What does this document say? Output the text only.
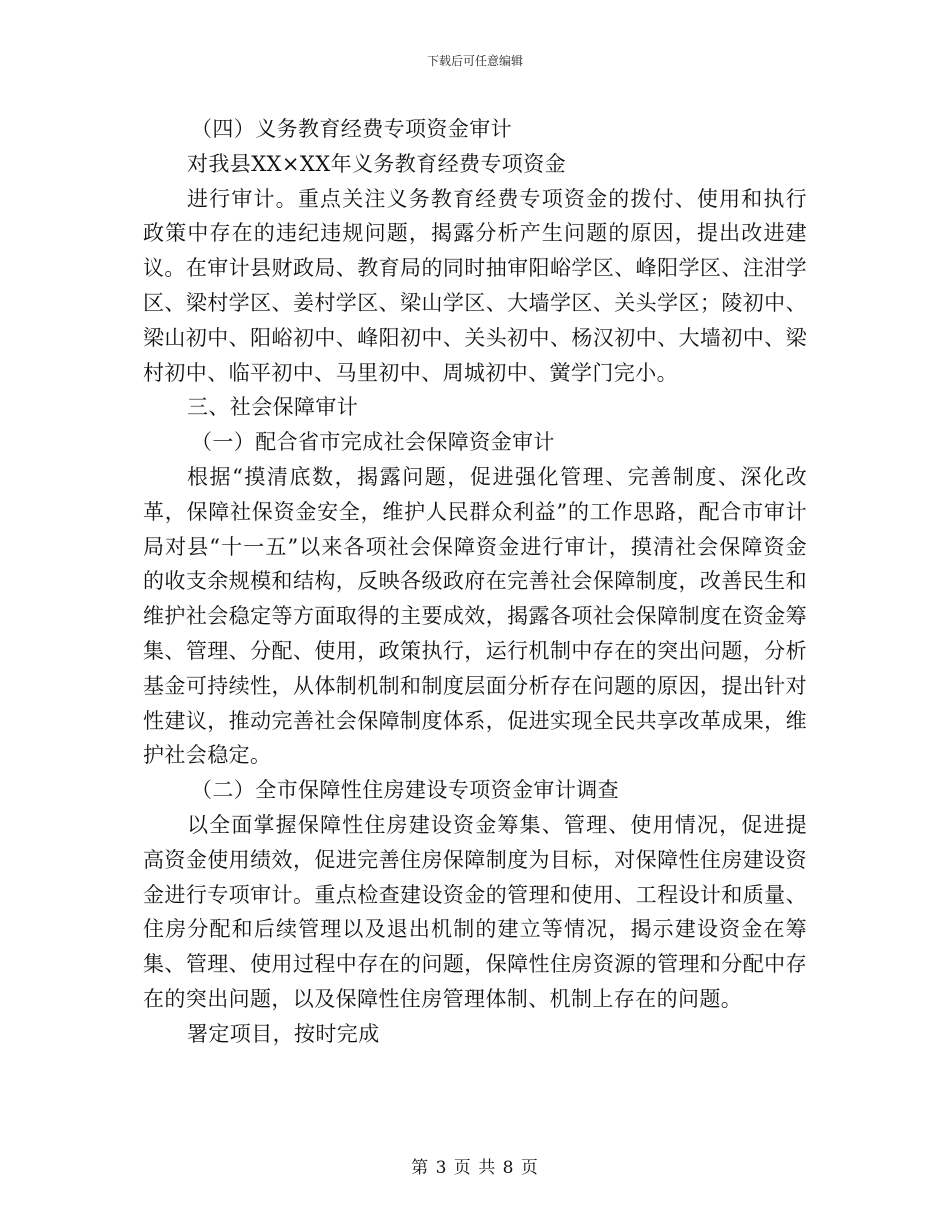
下载后可任意编辑

（四）义务教育经费专项资金审计

对我县XX×XX年义务教育经费专项资金

进行审计。重点关注义务教育经费专项资金的拨付、使用和执行政策中存在的违纪违规问题，揭露分析产生问题的原因，提出改进建议。在审计县财政局、教育局的同时抽审阳峪学区、峰阳学区、注泔学区、梁村学区、姜村学区、梁山学区、大墙学区、关头学区；陵初中、梁山初中、阳峪初中、峰阳初中、关头初中、杨汉初中、大墙初中、梁村初中、临平初中、马里初中、周城初中、黉学门完小。

三、社会保障审计

（一）配合省市完成社会保障资金审计

根据“摸清底数，揭露问题，促进强化管理、完善制度、深化改革，保障社保资金安全，维护人民群众利益”的工作思路，配合市审计局对县“十一五”以来各项社会保障资金进行审计，摸清社会保障资金的收支余规模和结构，反映各级政府在完善社会保障制度，改善民生和维护社会稳定等方面取得的主要成效，揭露各项社会保障制度在资金筹集、管理、分配、使用，政策执行，运行机制中存在的突出问题，分析基金可持续性，从体制机制和制度层面分析存在问题的原因，提出针对性建议，推动完善社会保障制度体系，促进实现全民共享改革成果，维护社会稳定。

（二）全市保障性住房建设专项资金审计调查

以全面掌握保障性住房建设资金筹集、管理、使用情况，促进提高资金使用绩效，促进完善住房保障制度为目标，对保障性住房建设资金进行专项审计。重点检查建设资金的管理和使用、工程设计和质量、住房分配和后续管理以及退出机制的建立等情况，揭示建设资金在筹集、管理、使用过程中存在的问题，保障性住房资源的管理和分配中存在的突出问题，以及保障性住房管理体制、机制上存在的问题。

署定项目，按时完成

第 3 页 共 8 页
